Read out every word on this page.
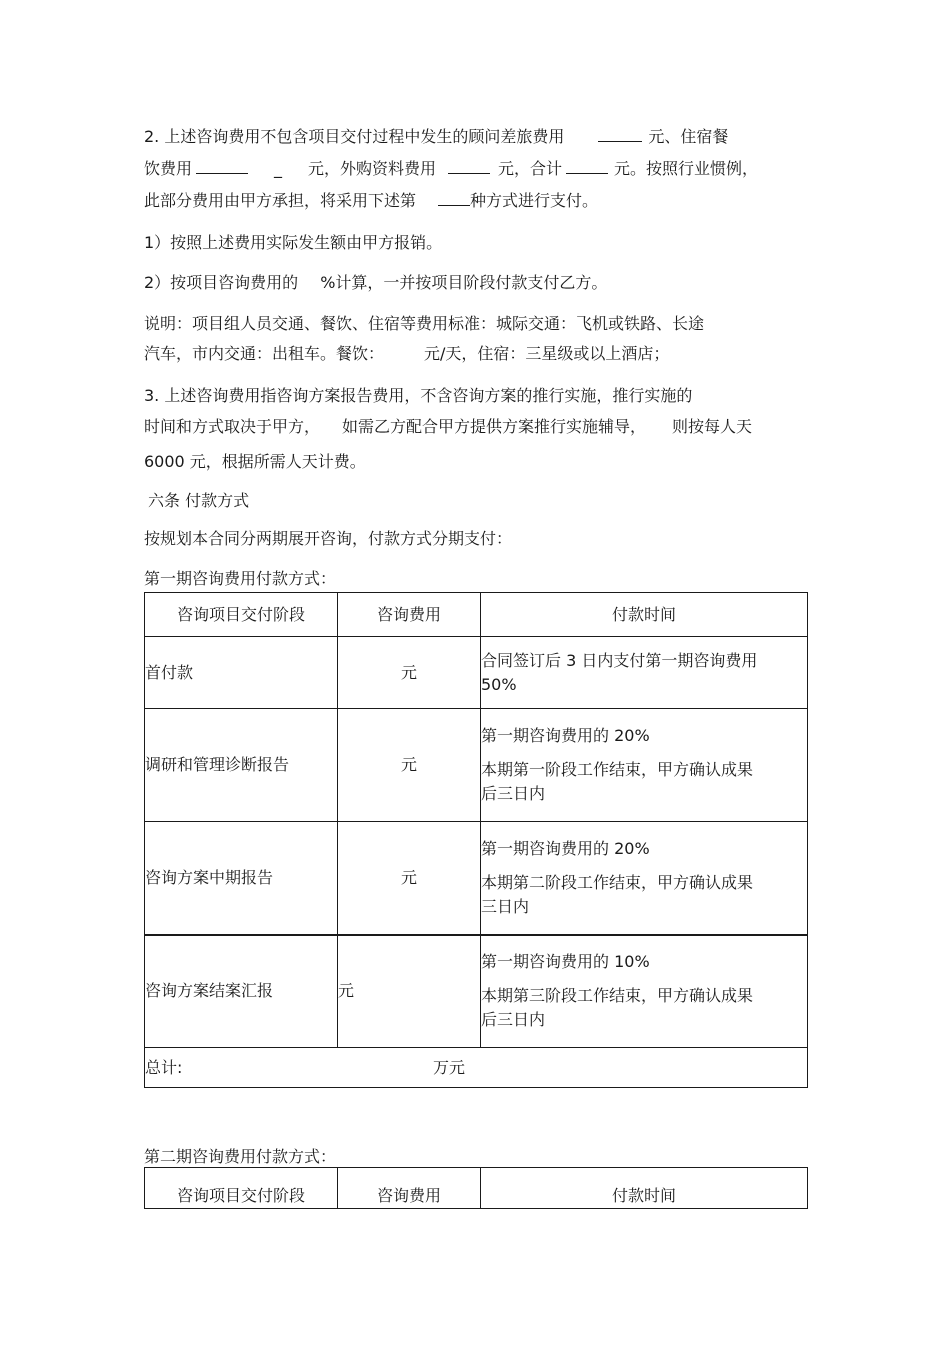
2. 上述咨询费用不包含项目交付过程中发生的顾问差旅费用	元、住宿餐
饮费用	_ 元，外购资料费用	元，合计	元。按照行业惯例，
此部分费用由甲方承担，将采用下述第	种方式进行支付。
1）按照上述费用实际发生额由甲方报销。
2）按项目咨询费用的 %计算，一并按项目阶段付款支付乙方。
说明：项目组人员交通、餐饮、住宿等费用标准：城际交通：飞机或铁路、长途
汽车，市内交通：出租车。餐饮：	元/天，住宿：三星级或以上酒店；
3. 上述咨询费用指咨询方案报告费用，不含咨询方案的推行实施，推行实施的
时间和方式取决于甲方， 如需乙方配合甲方提供方案推行实施辅导， 则按每人天
6000 元，根据所需人天计费。
六条 付款方式
按规划本合同分两期展开咨询，付款方式分期支付：
第一期咨询费用付款方式：
咨询项目交付阶段	咨询费用	付款时间
首付款	元	合同签订后 3 日内支付第一期咨询费用
50%

调研和管理诊断报告	元	第一期咨询费用的 20%
本期第一阶段工作结束，甲方确认成果
后三日内

咨询方案中期报告	元	第一期咨询费用的 20%
本期第二阶段工作结束，甲方确认成果
三日内

咨询方案结案汇报	元	第一期咨询费用的 10%
本期第三阶段工作结束，甲方确认成果
后三日内

总计: 万元		
第二期咨询费用付款方式：
咨询项目交付阶段	咨询费用	付款时间
